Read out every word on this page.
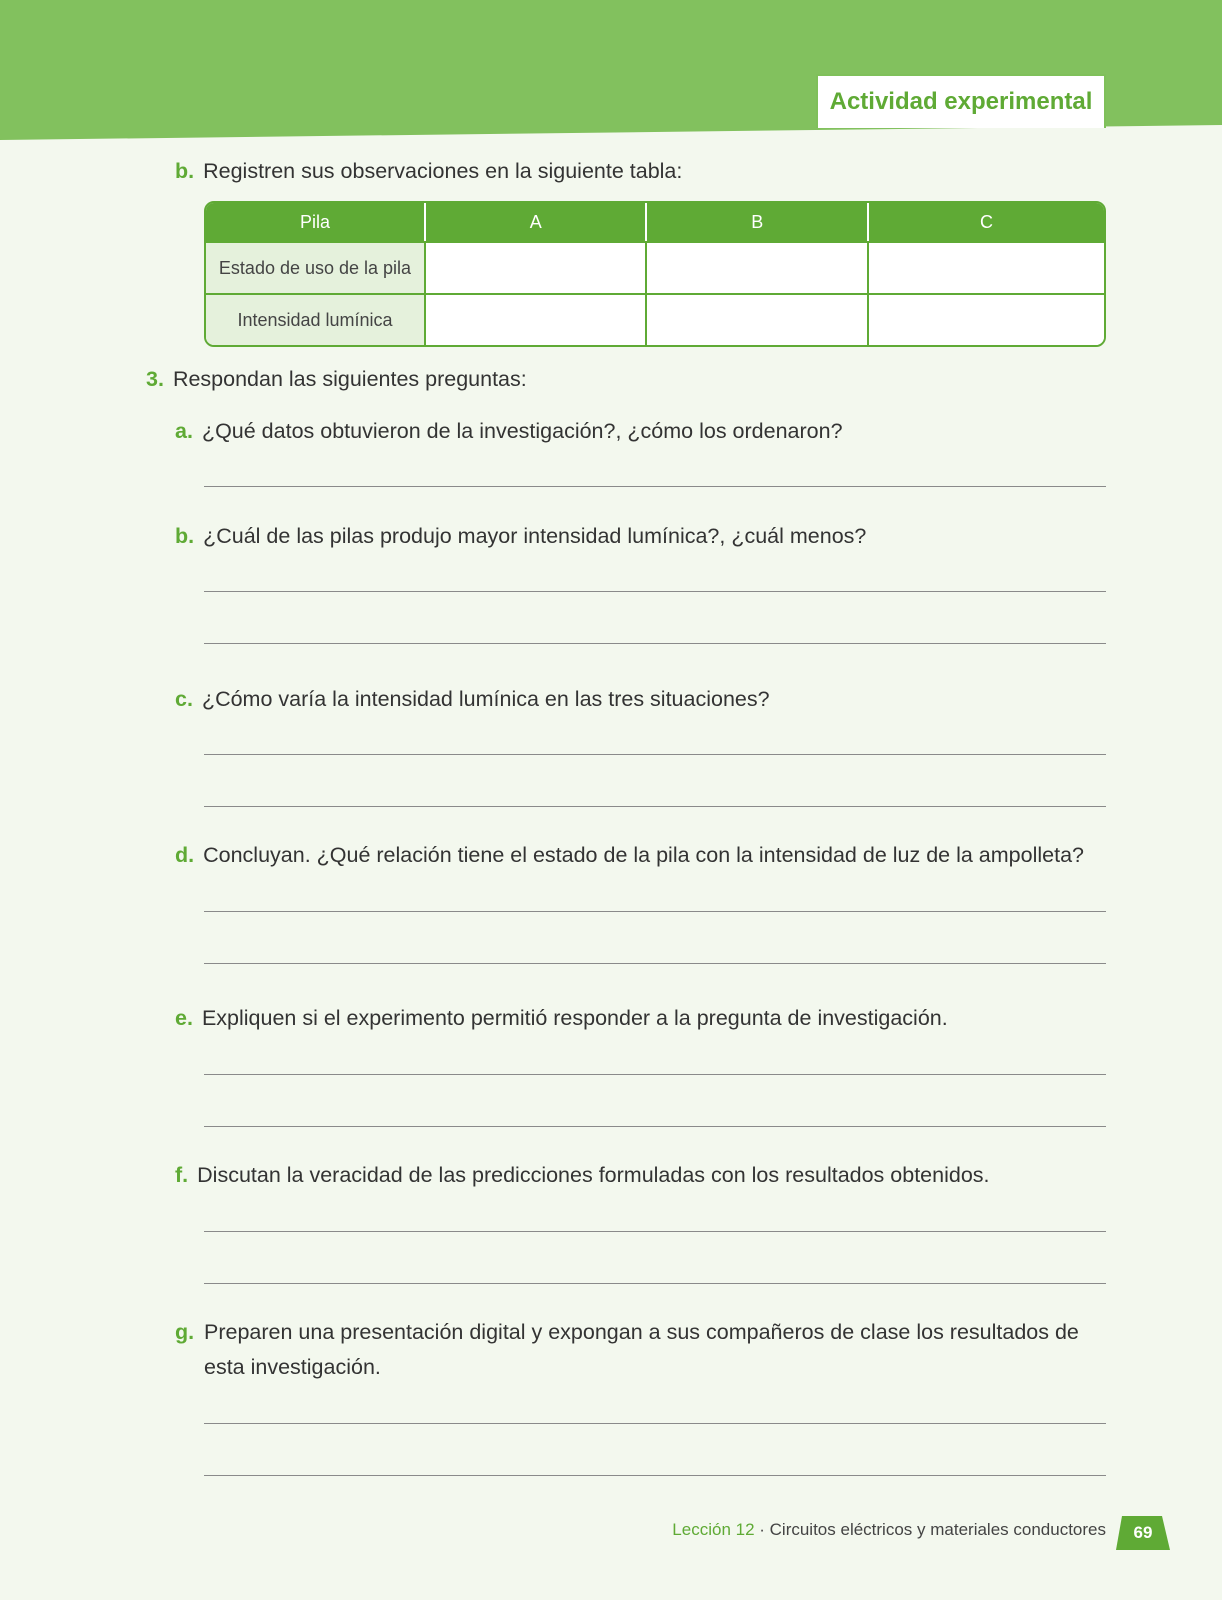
Actividad experimental
b. Registren sus observaciones en la siguiente tabla:
Pila	A	B	C
Estado de uso de la pila			
Intensidad lumínica			
3. Respondan las siguientes preguntas:
a. ¿Qué datos obtuvieron de la investigación?, ¿cómo los ordenaron?
b. ¿Cuál de las pilas produjo mayor intensidad lumínica?, ¿cuál menos?
c. ¿Cómo varía la intensidad lumínica en las tres situaciones?
d. Concluyan. ¿Qué relación tiene el estado de la pila con la intensidad de luz de la ampolleta?
e. Expliquen si el experimento permitió responder a la pregunta de investigación.
f. Discutan la veracidad de las predicciones formuladas con los resultados obtenidos.
g. Preparen una presentación digital y expongan a sus compañeros de clase los resultados de esta investigación.
Lección 12 · Circuitos eléctricos y materiales conductores	69
